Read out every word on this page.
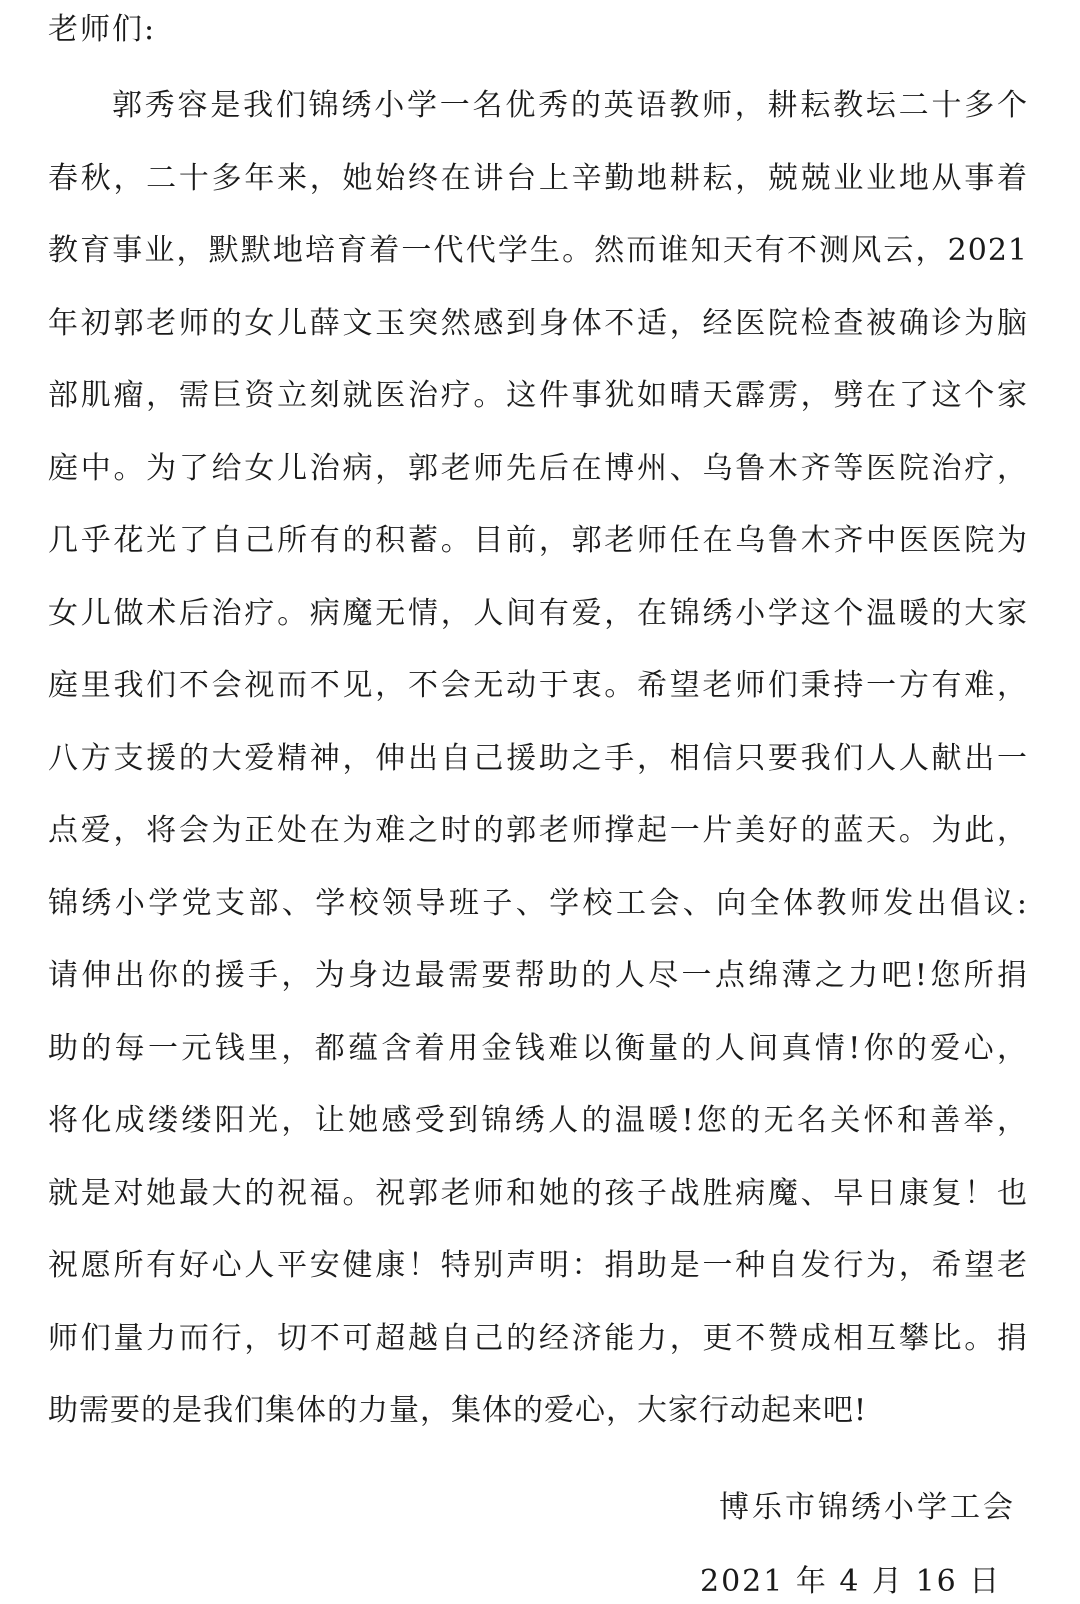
老师们:
郭秀容是我们锦绣小学一名优秀的英语教师，耕耘教坛二十多个
春秋，二十多年来，她始终在讲台上辛勤地耕耘，兢兢业业地从事着
教育事业，默默地培育着一代代学生。然而谁知天有不测风云，2021
年初郭老师的女儿薛文玉突然感到身体不适，经医院检查被确诊为脑
部肌瘤，需巨资立刻就医治疗。这件事犹如晴天霹雳，劈在了这个家
庭中。为了给女儿治病，郭老师先后在博州、乌鲁木齐等医院治疗，
几乎花光了自己所有的积蓄。目前，郭老师任在乌鲁木齐中医医院为
女儿做术后治疗。病魔无情，人间有爱，在锦绣小学这个温暖的大家
庭里我们不会视而不见，不会无动于衷。希望老师们秉持一方有难，
八方支援的大爱精神，伸出自己援助之手，相信只要我们人人献出一
点爱，将会为正处在为难之时的郭老师撑起一片美好的蓝天。为此，
锦绣小学党支部、学校领导班子、学校工会、向全体教师发出倡议:
请伸出你的援手，为身边最需要帮助的人尽一点绵薄之力吧!您所捐
助的每一元钱里，都蕴含着用金钱难以衡量的人间真情!你的爱心，
将化成缕缕阳光，让她感受到锦绣人的温暖!您的无名关怀和善举，
就是对她最大的祝福。祝郭老师和她的孩子战胜病魔、早日康复！也
祝愿所有好心人平安健康！特别声明：捐助是一种自发行为，希望老
师们量力而行，切不可超越自己的经济能力，更不赞成相互攀比。捐
助需要的是我们集体的力量，集体的爱心，大家行动起来吧!
博乐市锦绣小学工会
2021 年 4 月 16 日
